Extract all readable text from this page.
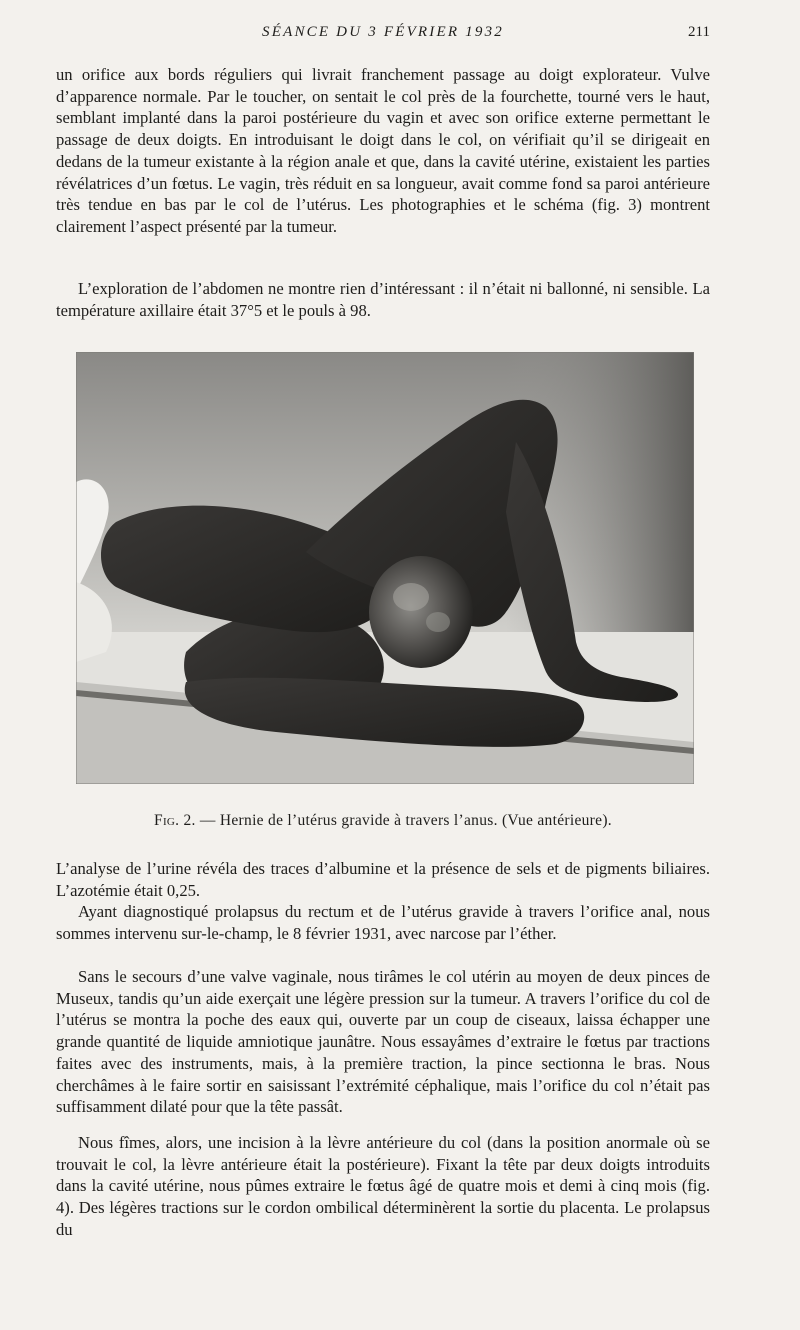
SÉANCE DU 3 FÉVRIER 1932	211

un orifice aux bords réguliers qui livrait franchement passage au doigt explorateur. Vulve d’apparence normale. Par le toucher, on sentait le col près de la fourchette, tourné vers le haut, semblant implanté dans la paroi postérieure du vagin et avec son orifice externe permettant le passage de deux doigts. En introduisant le doigt dans le col, on vérifiait qu’il se dirigeait en dedans de la tumeur existante à la région anale et que, dans la cavité utérine, existaient les parties révélatrices d’un fœtus. Le vagin, très réduit en sa longueur, avait comme fond sa paroi antérieure très tendue en bas par le col de l’utérus. Les photographies et le schéma (fig. 3) montrent clairement l’aspect présenté par la tumeur.

L’exploration de l’abdomen ne montre rien d’intéressant : il n’était ni ballonné, ni sensible. La température axillaire était 37°5 et le pouls à 98.

Fig. 2. — Hernie de l’utérus gravide à travers l’anus. (Vue antérieure).

L’analyse de l’urine révéla des traces d’albumine et la présence de sels et de pigments biliaires. L’azotémie était 0,25.

Ayant diagnostiqué prolapsus du rectum et de l’utérus gravide à travers l’orifice anal, nous sommes intervenu sur-le-champ, le 8 février 1931, avec narcose par l’éther.

Sans le secours d’une valve vaginale, nous tirâmes le col utérin au moyen de deux pinces de Museux, tandis qu’un aide exerçait une légère pression sur la tumeur. A travers l’orifice du col de l’utérus se montra la poche des eaux qui, ouverte par un coup de ciseaux, laissa échapper une grande quantité de liquide amniotique jaunâtre. Nous essayâmes d’extraire le fœtus par tractions faites avec des instruments, mais, à la première traction, la pince sectionna le bras. Nous cherchâmes à le faire sortir en saisissant l’extrémité céphalique, mais l’orifice du col n’était pas suffisamment dilaté pour que la tête passât.

Nous fîmes, alors, une incision à la lèvre antérieure du col (dans la position anormale où se trouvait le col, la lèvre antérieure était la postérieure). Fixant la tête par deux doigts introduits dans la cavité utérine, nous pûmes extraire le fœtus âgé de quatre mois et demi à cinq mois (fig. 4). Des légères tractions sur le cordon ombilical déterminèrent la sortie du placenta. Le prolapsus du
